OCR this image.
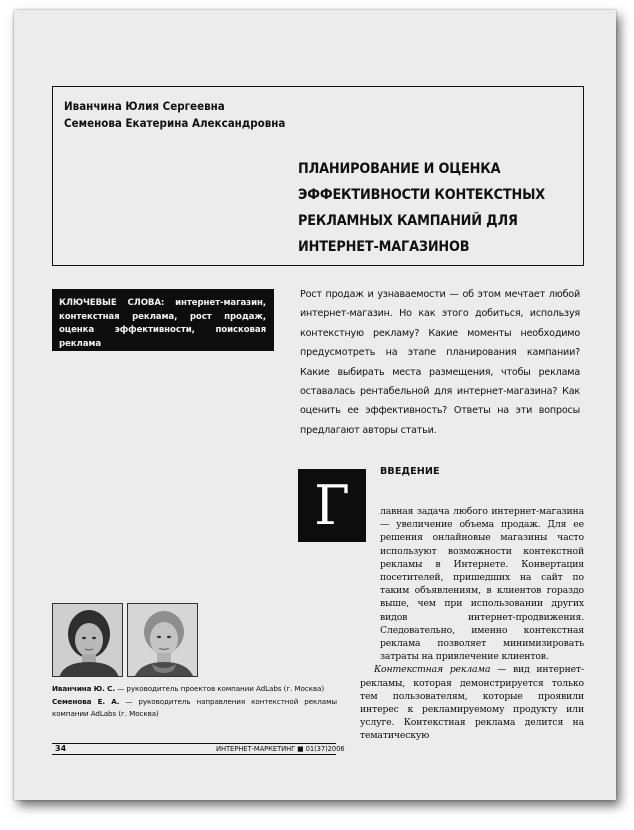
Иванчина Юлия Сергеевна
Семенова Екатерина Александровна
ПЛАНИРОВАНИЕ И ОЦЕНКА
ЭФФЕКТИВНОСТИ КОНТЕКСТНЫХ
РЕКЛАМНЫХ КАМПАНИЙ ДЛЯ
ИНТЕРНЕТ-МАГАЗИНОВ
КЛЮЧЕВЫЕ СЛОВА: интернет-магазин, контекстная реклама, рост продаж, оценка эффективности, поисковая реклама
Рост продаж и узнаваемости — об этом мечтает любой интернет-магазин. Но как этого добиться, используя контекстную рекламу? Какие моменты необходимо предусмотреть на этапе планирования кампании? Какие выбирать места размещения, чтобы реклама оставалась рентабельной для интернет-магазина? Как оценить ее эффективность? Ответы на эти вопросы предлагают авторы статьи.
Г
ВВЕДЕНИЕ

лавная задача любого интернет-магазина — увеличение объема продаж. Для ее решения онлайновые магазины часто используют возможности контекстной рекламы в Интернете. Конвертация посетителей, пришедших на сайт по таким объявлениям, в клиентов гораздо выше, чем при использовании других видов интернет-продвижения. Следовательно, именно контекстная реклама позволяет минимизировать затраты на привлечение клиентов.

Контекстная реклама — вид интернет-рекламы, которая демонстрируется только тем пользователям, которые проявили интерес к рекламируемому продукту или услуге. Контекстная реклама делится на тематическую

Иванчина Ю. С. — руководитель проектов компании AdLabs (г. Москва)
Семенова Е. А. — руководитель направления контекстной рекламы компании AdLabs (г. Москва)
34	ИНТЕРНЕТ-МАРКЕТИНГ ■ 01(37)2006
